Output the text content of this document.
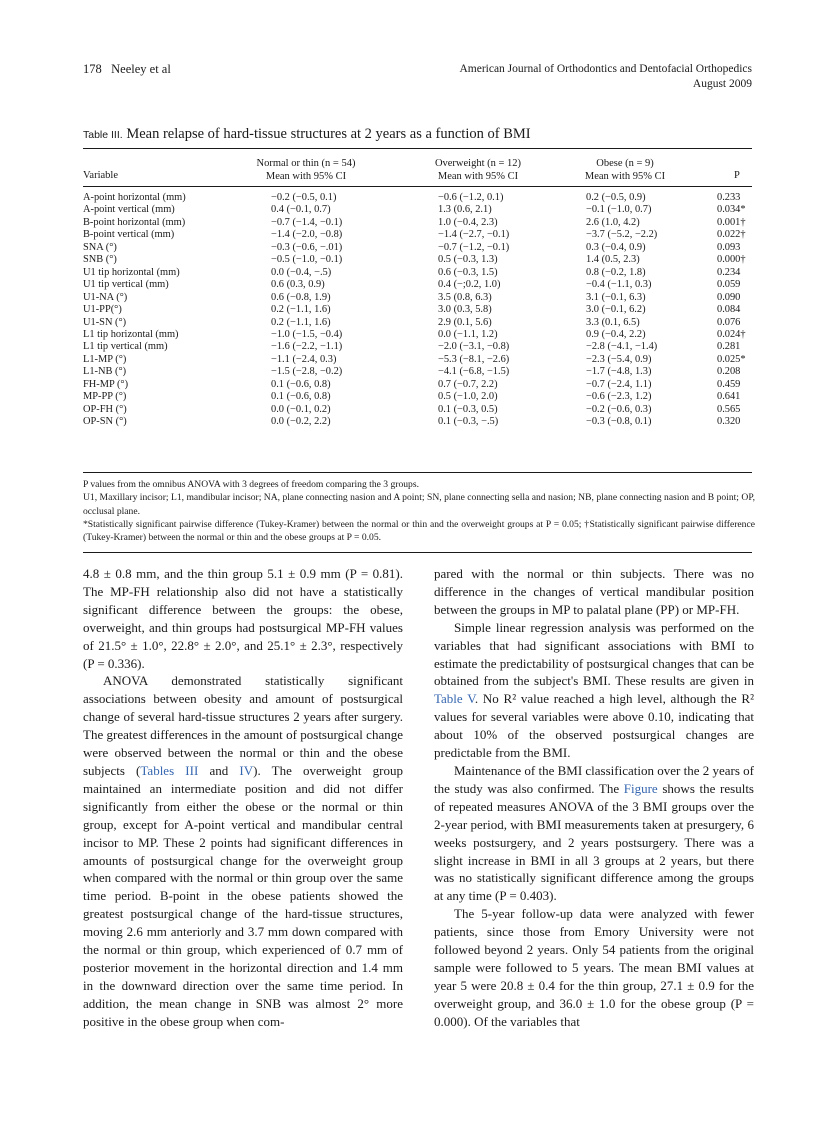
178   Neeley et al	American Journal of Orthodontics and Dentofacial Orthopedics
August 2009
Table III. Mean relapse of hard-tissue structures at 2 years as a function of BMI
Variable
Normal or thin (n = 54)
Mean with 95% CI
Overweight (n = 12)
Mean with 95% CI
Obese (n = 9)
Mean with 95% CI	P
A-point horizontal (mm)	−0.2 (−0.5, 0.1)	−0.6 (−1.2, 0.1)	0.2 (−0.5, 0.9)	0.233
A-point vertical (mm)	0.4 (−0.1, 0.7)	1.3 (0.6, 2.1)	−0.1 (−1.0, 0.7)	0.034*
B-point horizontal (mm)	−0.7 (−1.4, −0.1)	1.0 (−0.4, 2.3)	2.6 (1.0, 4.2)	0.001†
B-point vertical (mm)	−1.4 (−2.0, −0.8)	−1.4 (−2.7, −0.1)	−3.7 (−5.2, −2.2)	0.022†
SNA (°)	−0.3 (−0.6, −.01)	−0.7 (−1.2, −0.1)	0.3 (−0.4, 0.9)	0.093
SNB (°)	−0.5 (−1.0, −0.1)	0.5 (−0.3, 1.3)	1.4 (0.5, 2.3)	0.000†
U1 tip horizontal (mm)	0.0 (−0.4, −.5)	0.6 (−0.3, 1.5)	0.8 (−0.2, 1.8)	0.234
U1 tip vertical (mm)	0.6 (0.3, 0.9)	0.4 (−;0.2, 1.0)	−0.4 (−1.1, 0.3)	0.059
U1-NA (°)	0.6 (−0.8, 1.9)	3.5 (0.8, 6.3)	3.1 (−0.1, 6.3)	0.090
U1-PP(°)	0.2 (−1.1, 1.6)	3.0 (0.3, 5.8)	3.0 (−0.1, 6.2)	0.084
U1-SN (°)	0.2 (−1.1, 1.6)	2.9 (0.1, 5.6)	3.3 (0.1, 6.5)	0.076
L1 tip horizontal (mm)	−1.0 (−1.5, −0.4)	0.0 (−1.1, 1.2)	0.9 (−0.4, 2.2)	0.024†
L1 tip vertical (mm)	−1.6 (−2.2, −1.1)	−2.0 (−3.1, −0.8)	−2.8 (−4.1, −1.4)	0.281
L1-MP (°)	−1.1 (−2.4, 0.3)	−5.3 (−8.1, −2.6)	−2.3 (−5.4, 0.9)	0.025*
L1-NB (°)	−1.5 (−2.8, −0.2)	−4.1 (−6.8, −1.5)	−1.7 (−4.8, 1.3)	0.208
FH-MP (°)	0.1 (−0.6, 0.8)	0.7 (−0.7, 2.2)	−0.7 (−2.4, 1.1)	0.459
MP-PP (°)	0.1 (−0.6, 0.8)	0.5 (−1.0, 2.0)	−0.6 (−2.3, 1.2)	0.641
OP-FH (°)	0.0 (−0.1, 0.2)	0.1 (−0.3, 0.5)	−0.2 (−0.6, 0.3)	0.565
OP-SN (°)	0.0 (−0.2, 2.2)	0.1 (−0.3, −.5)	−0.3 (−0.8, 0.1)	0.320

P values from the omnibus ANOVA with 3 degrees of freedom comparing the 3 groups.

U1, Maxillary incisor; L1, mandibular incisor; NA, plane connecting nasion and A point; SN, plane connecting sella and nasion; NB, plane connecting nasion and B point; OP, occlusal plane.

*Statistically significant pairwise difference (Tukey-Kramer) between the normal or thin and the overweight groups at P = 0.05; †Statistically significant pairwise difference (Tukey-Kramer) between the normal or thin and the obese groups at P = 0.05.

4.8 ± 0.8 mm, and the thin group 5.1 ± 0.9 mm (P = 0.81). The MP-FH relationship also did not have a statistically significant difference between the groups: the obese, overweight, and thin groups had postsurgical MP-FH values of 21.5° ± 1.0°, 22.8° ± 2.0°, and 25.1° ± 2.3°, respectively (P = 0.336).

ANOVA demonstrated statistically significant associations between obesity and amount of postsurgical change of several hard-tissue structures 2 years after surgery. The greatest differences in the amount of postsurgical change were observed between the normal or thin and the obese subjects (Tables III and IV). The overweight group maintained an intermediate position and did not differ significantly from either the obese or the normal or thin group, except for A-point vertical and mandibular central incisor to MP. These 2 points had significant differences in amounts of postsurgical change for the overweight group when compared with the normal or thin group over the same time period. B-point in the obese patients showed the greatest postsurgical change of the hard-tissue structures, moving 2.6 mm anteriorly and 3.7 mm down compared with the normal or thin group, which experienced of 0.7 mm of posterior movement in the horizontal direction and 1.4 mm in the downward direction over the same time period. In addition, the mean change in SNB was almost 2° more positive in the obese group when com-

pared with the normal or thin subjects. There was no difference in the changes of vertical mandibular position between the groups in MP to palatal plane (PP) or MP-FH.

Simple linear regression analysis was performed on the variables that had significant associations with BMI to estimate the predictability of postsurgical changes that can be obtained from the subject's BMI. These results are given in Table V. No R² value reached a high level, although the R² values for several variables were above 0.10, indicating that about 10% of the observed postsurgical changes are predictable from the BMI.

Maintenance of the BMI classification over the 2 years of the study was also confirmed. The Figure shows the results of repeated measures ANOVA of the 3 BMI groups over the 2-year period, with BMI measurements taken at presurgery, 6 weeks postsurgery, and 2 years postsurgery. There was a slight increase in BMI in all 3 groups at 2 years, but there was no statistically significant difference among the groups at any time (P = 0.403).

The 5-year follow-up data were analyzed with fewer patients, since those from Emory University were not followed beyond 2 years. Only 54 patients from the original sample were followed to 5 years. The mean BMI values at year 5 were 20.8 ± 0.4 for the thin group, 27.1 ± 0.9 for the overweight group, and 36.0 ± 1.0 for the obese group (P = 0.000). Of the variables that
